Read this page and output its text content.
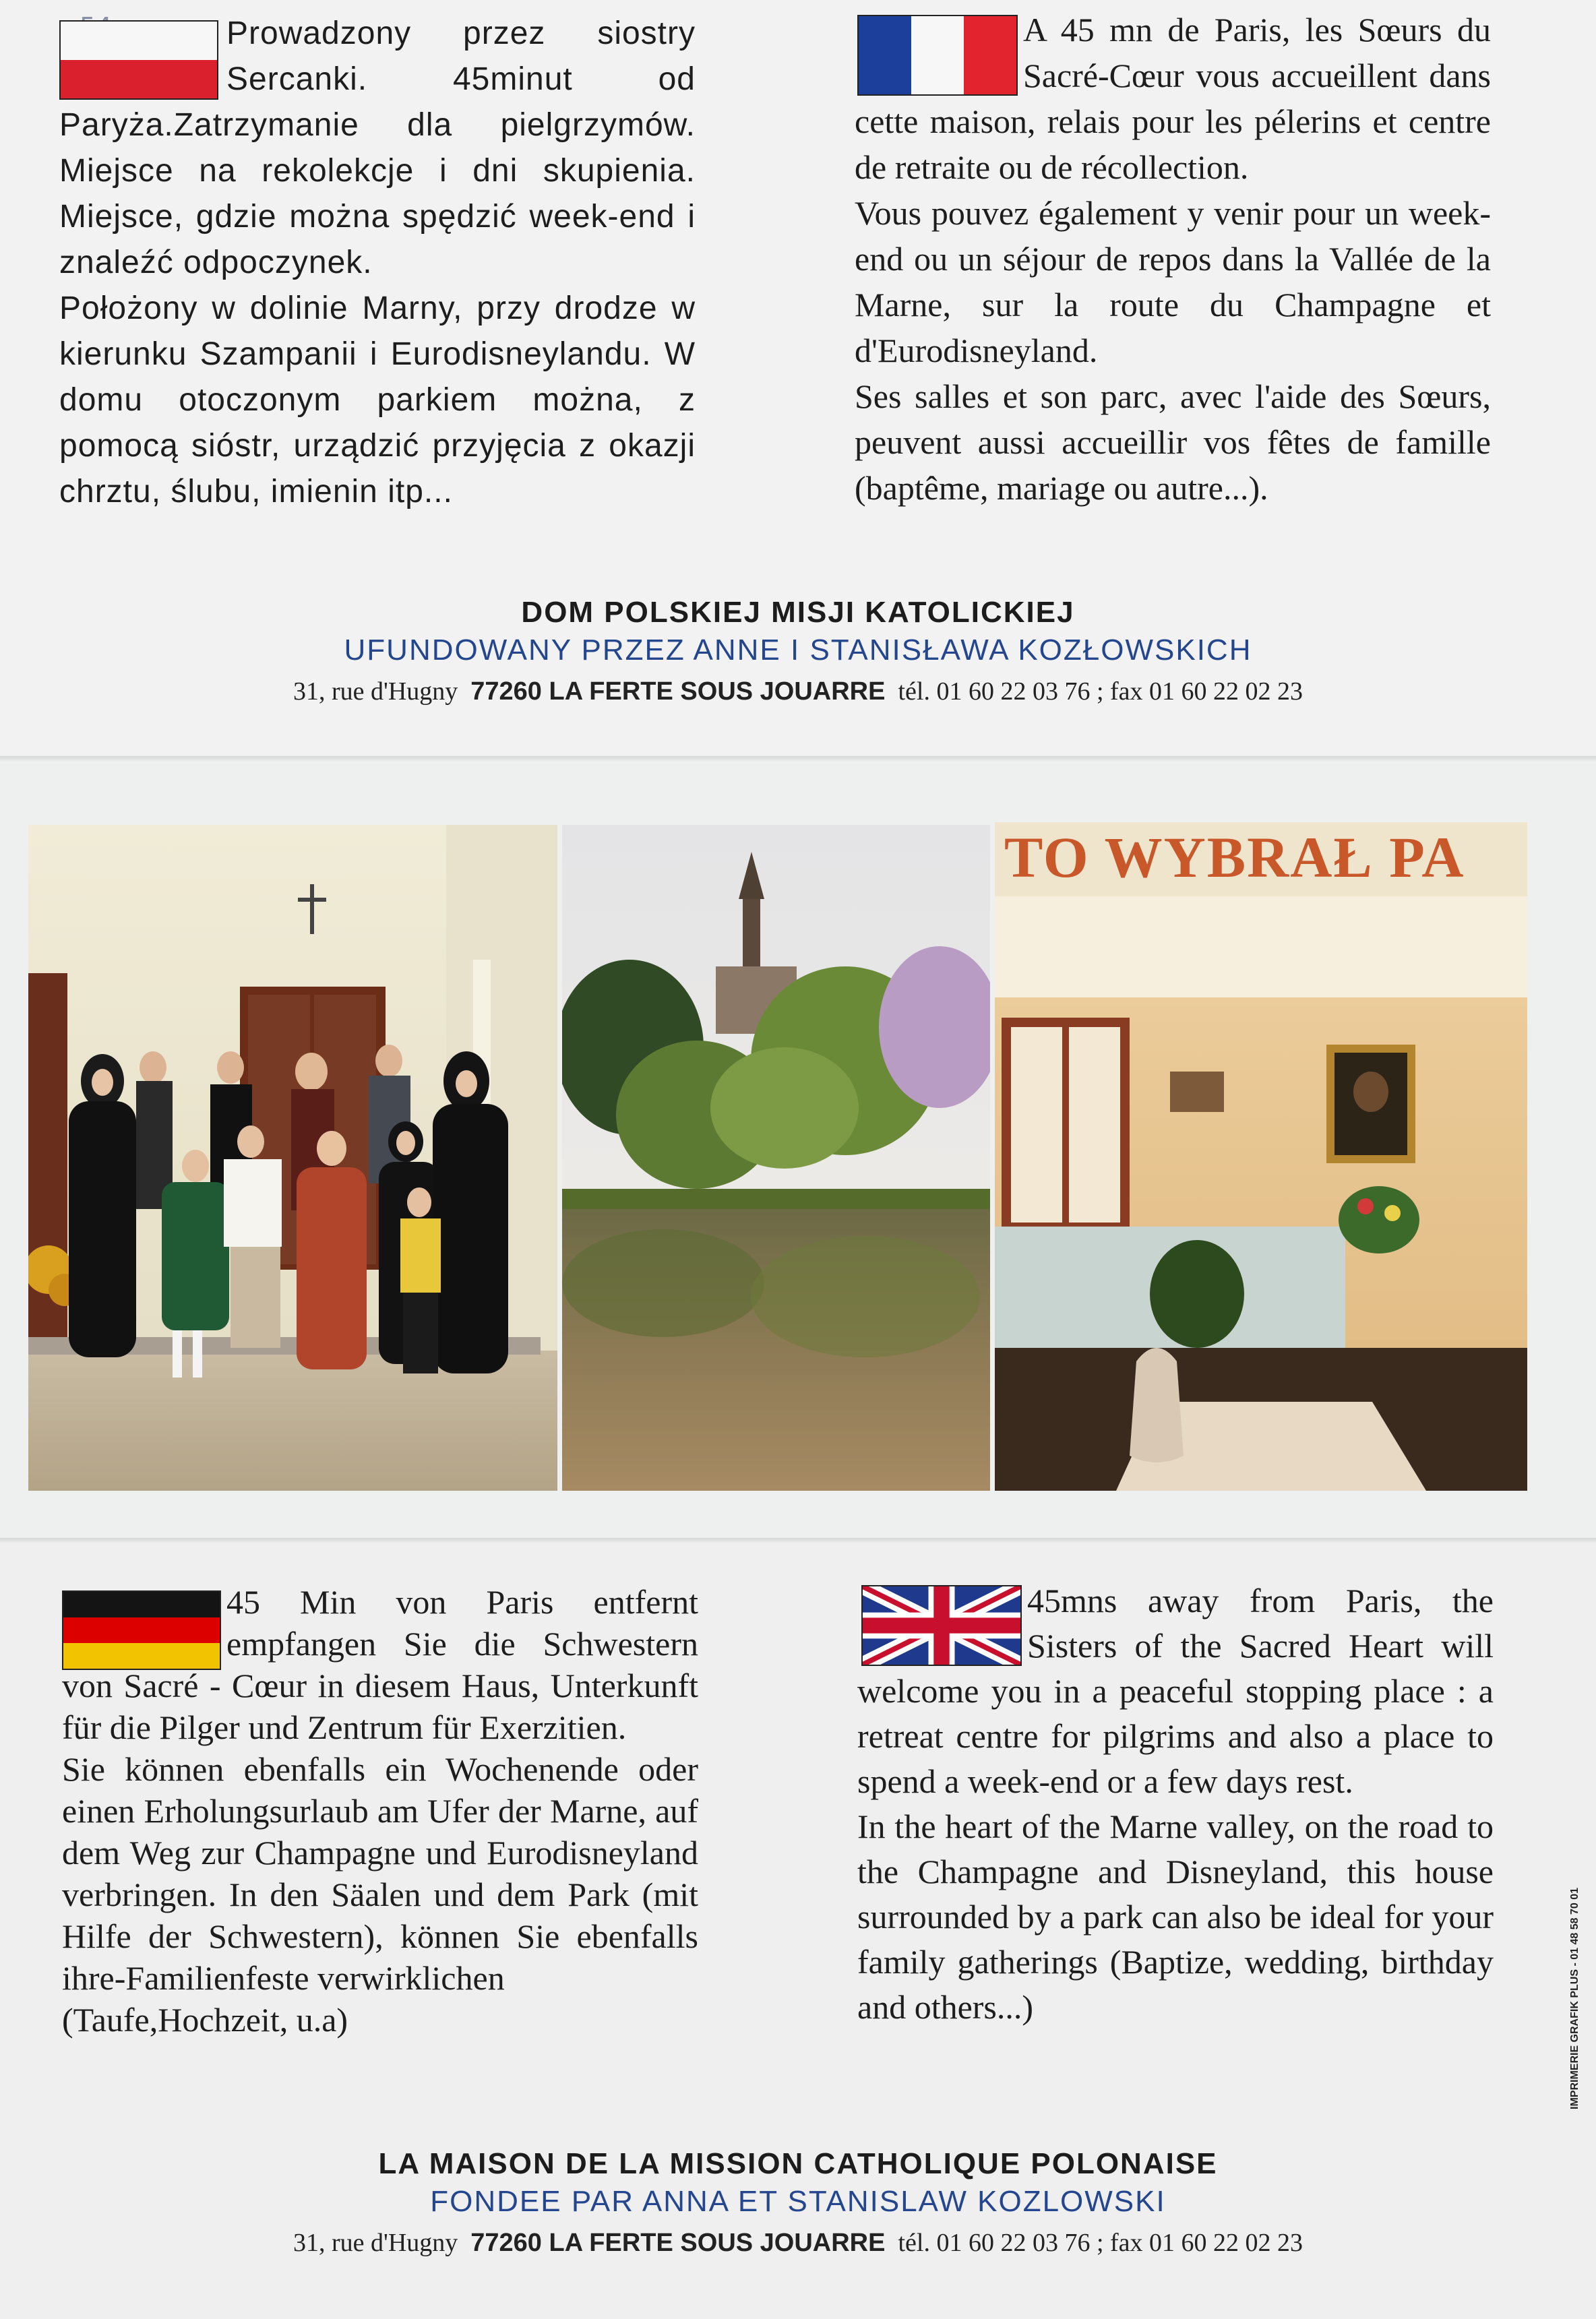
Prowadzony przez siostry Sercanki. 45minut od Paryża.Zatrzymanie dla pielgrzymów. Miejsce na rekolekcje i dni skupienia. Miejsce, gdzie można spędzić week-end i znaleźć odpoczynek.

Położony w dolinie Marny, przy drodze w kierunku Szampanii i Eurodisneylandu. W domu otoczonym parkiem można, z pomocą sióstr, urządzić przyjęcia z okazji chrztu, ślubu, imienin itp...

A 45 mn de Paris, les Sœurs du Sacré-Cœur vous accueillent dans cette maison, relais pour les pélerins et centre de retraite ou de récollection.

Vous pouvez également y venir pour un week-end ou un séjour de repos dans la Vallée de la Marne, sur la route du Champagne et d'Eurodisneyland.

Ses salles et son parc, avec l'aide des Sœurs, peuvent aussi accueillir vos fêtes de famille (baptême, mariage ou autre...).

DOM POLSKIEJ MISJI KATOLICKIEJ
UFUNDOWANY PRZEZ ANNE I STANISŁAWA KOZŁOWSKICH
31, rue d'Hugny 77260 LA FERTE SOUS JOUARRE tél. 01 60 22 03 76 ; fax 01 60 22 02 23
TO WYBRAŁ PA

45 Min von Paris entfernt empfangen Sie die Schwestern von Sacré - Cœur in diesem Haus, Unterkunft für die Pilger und Zentrum für Exerzitien.

Sie können ebenfalls ein Wochenende oder einen Erholungsurlaub am Ufer der Marne, auf dem Weg zur Champagne und Eurodisneyland verbringen. In den Säalen und dem Park (mit Hilfe der Schwestern), können Sie ebenfalls ihre-Familienfeste verwirklichen

(Taufe,Hochzeit, u.a)

45mns away from Paris, the Sisters of the Sacred Heart will welcome you in a peaceful stopping place : a retreat centre for pilgrims and also a place to spend a week-end or a few days rest.

In the heart of the Marne valley, on the road to the Champagne and Disneyland, this house surrounded by a park can also be ideal for your family gatherings (Baptize, wedding, birthday and others...)

LA MAISON DE LA MISSION CATHOLIQUE POLONAISE
FONDEE PAR ANNA ET STANISLAW KOZLOWSKI
31, rue d'Hugny 77260 LA FERTE SOUS JOUARRE tél. 01 60 22 03 76 ; fax 01 60 22 02 23
IMPRIMERIE GRAFIK PLUS - 01 48 58 70 01
